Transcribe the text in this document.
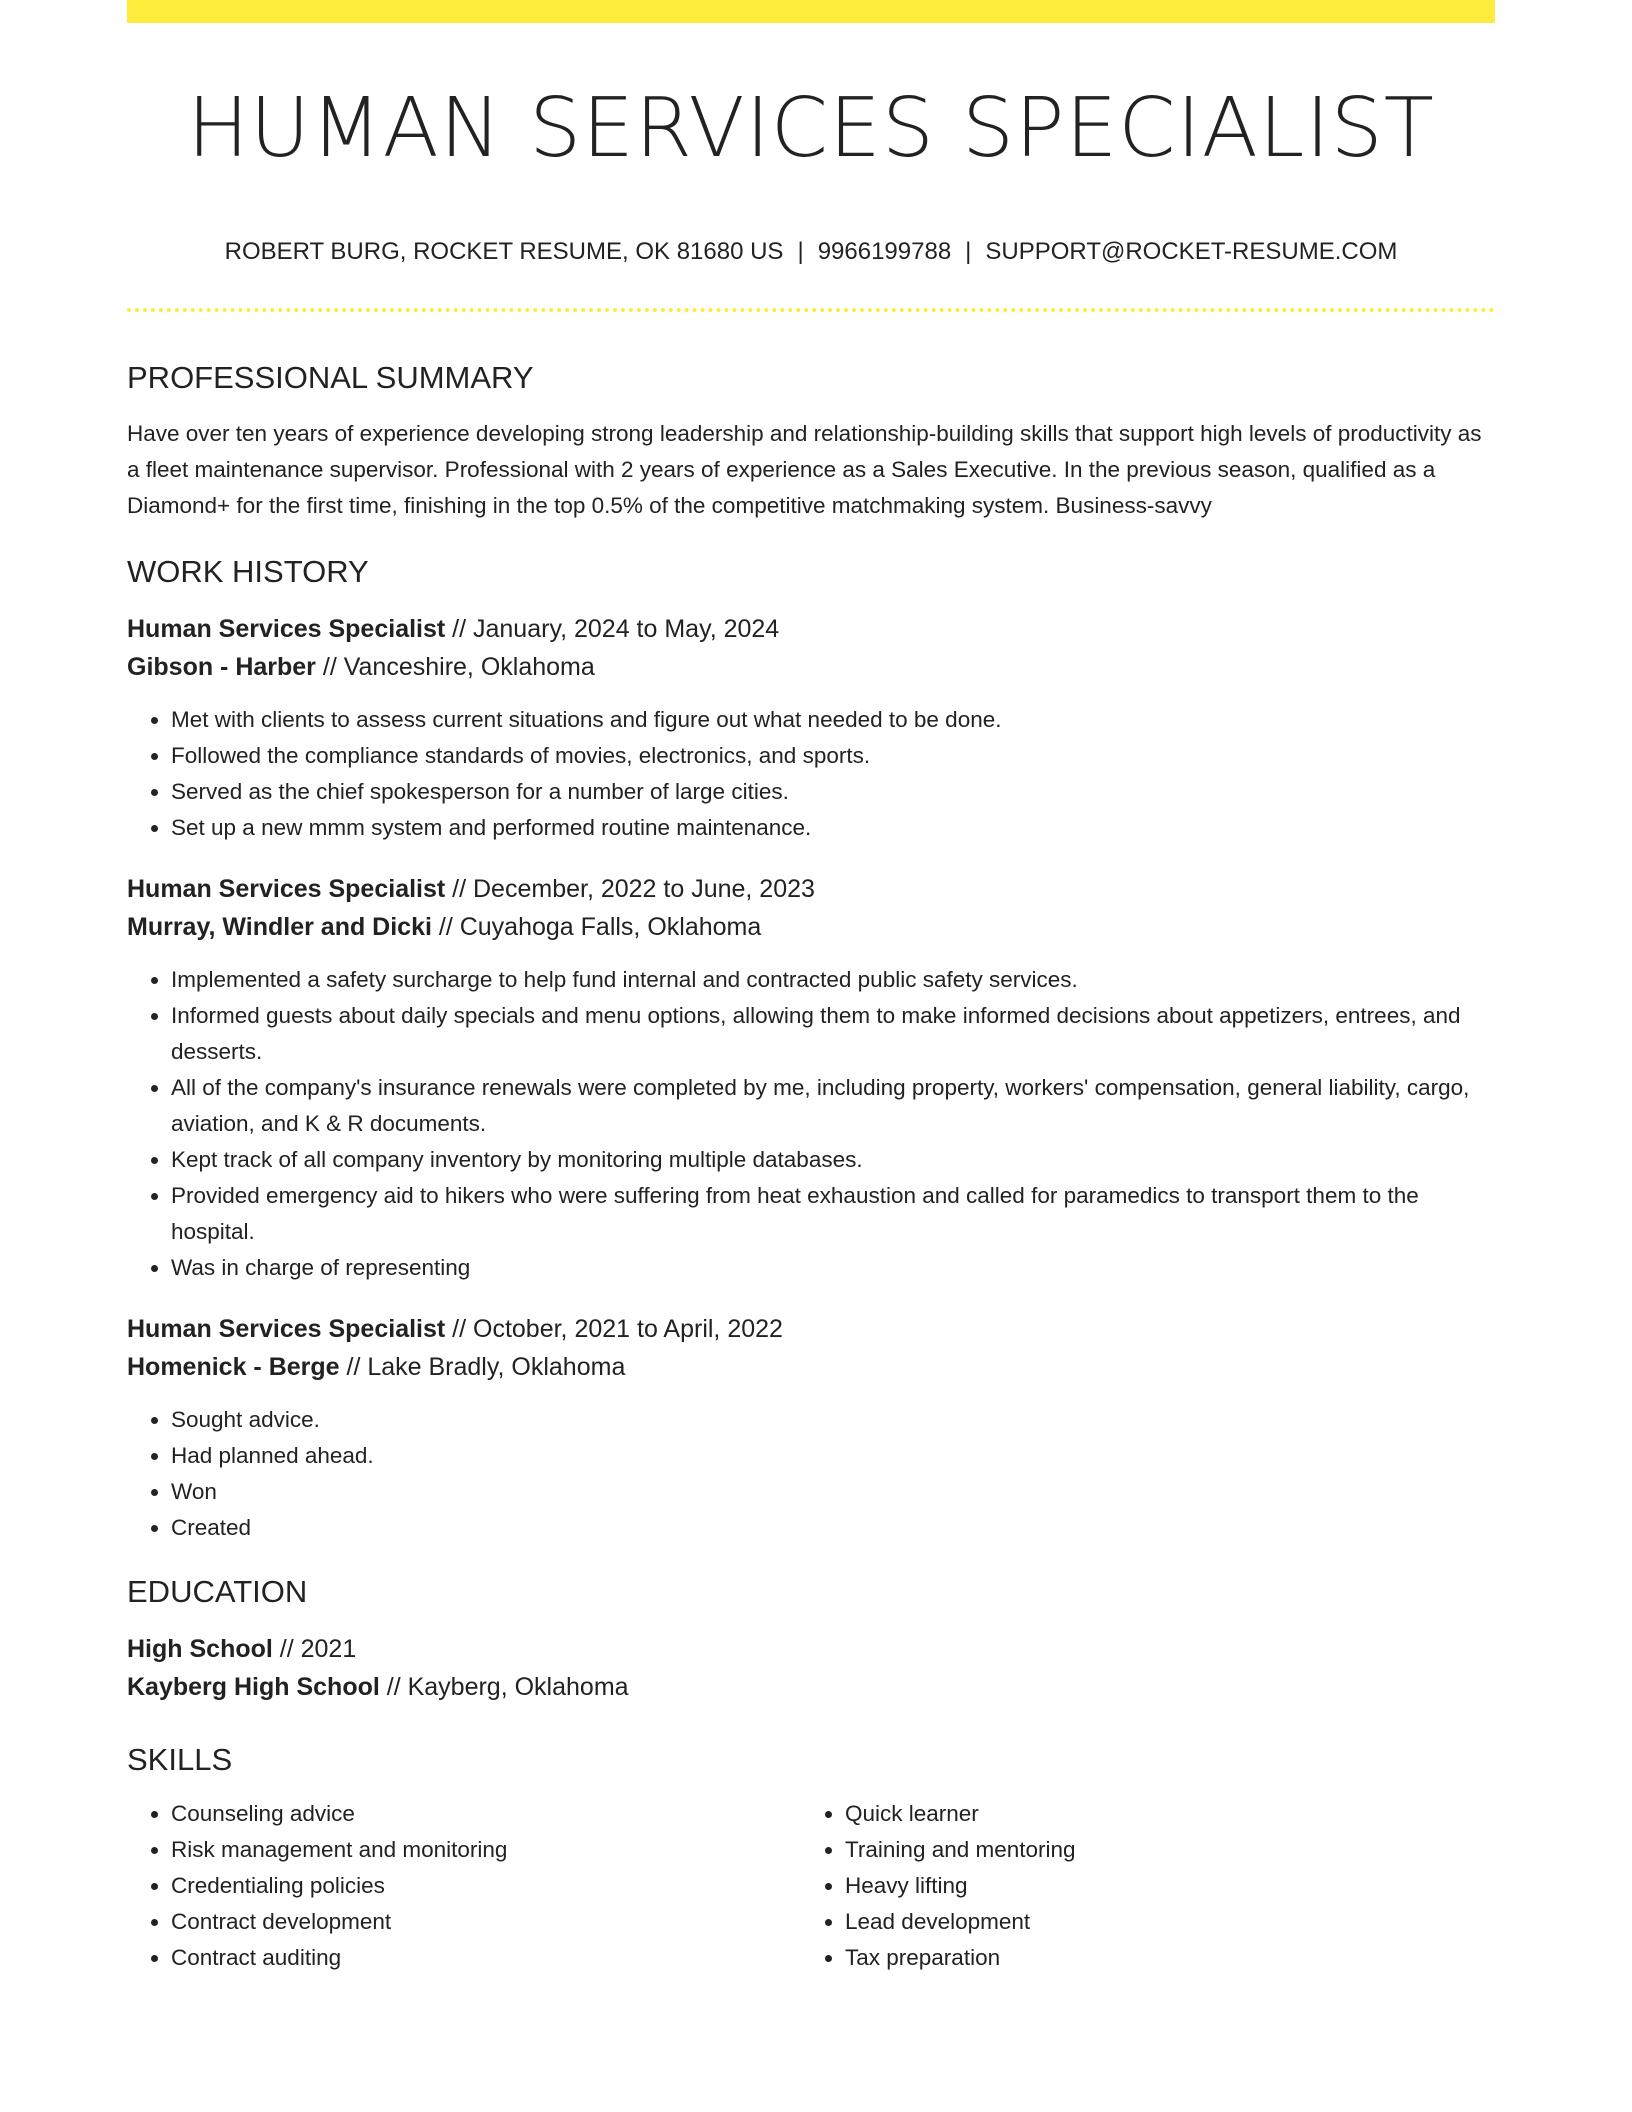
HUMAN SERVICES SPECIALIST
ROBERT BURG, ROCKET RESUME, OK 81680 US | 9966199788 | SUPPORT@ROCKET-RESUME.COM
PROFESSIONAL SUMMARY

Have over ten years of experience developing strong leadership and relationship-building skills that support high levels of productivity as a fleet maintenance supervisor. Professional with 2 years of experience as a Sales Executive. In the previous season, qualified as a Diamond+ for the first time, finishing in the top 0.5% of the competitive matchmaking system. Business-savvy

WORK HISTORY
Human Services Specialist // January, 2024 to May, 2024
Gibson - Harber // Vanceshire, Oklahoma
• Met with clients to assess current situations and figure out what needed to be done.
• Followed the compliance standards of movies, electronics, and sports.
• Served as the chief spokesperson for a number of large cities.
• Set up a new mmm system and performed routine maintenance.
Human Services Specialist // December, 2022 to June, 2023
Murray, Windler and Dicki // Cuyahoga Falls, Oklahoma
• Implemented a safety surcharge to help fund internal and contracted public safety services.
• Informed guests about daily specials and menu options, allowing them to make informed decisions about appetizers, entrees, and desserts.
• All of the company's insurance renewals were completed by me, including property, workers' compensation, general liability, cargo, aviation, and K & R documents.
• Kept track of all company inventory by monitoring multiple databases.
• Provided emergency aid to hikers who were suffering from heat exhaustion and called for paramedics to transport them to the hospital.
• Was in charge of representing
Human Services Specialist // October, 2021 to April, 2022
Homenick - Berge // Lake Bradly, Oklahoma
• Sought advice.
• Had planned ahead.
• Won
• Created
EDUCATION
High School // 2021
Kayberg High School // Kayberg, Oklahoma
SKILLS
• Counseling advice
• Risk management and monitoring
• Credentialing policies
• Contract development
• Contract auditing
• Quick learner
• Training and mentoring
• Heavy lifting
• Lead development
• Tax preparation
